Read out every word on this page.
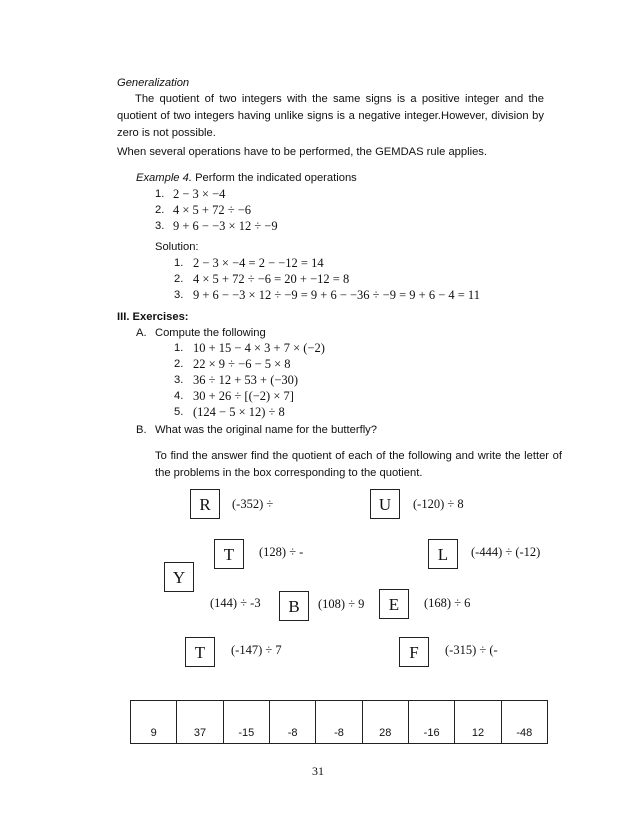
Generalization
The quotient of two integers with the same signs is a positive integer and the quotient of two integers having unlike signs is a negative integer.However, division by zero is not possible.
When several operations have to be performed, the GEMDAS rule applies.
Example 4. Perform the indicated operations
1. 2 − 3 × −4
2. 4 × 5 + 72 ÷ −6
3. 9 + 6 − −3 × 12 ÷ −9
Solution:
1. 2 − 3 × −4 = 2 − −12 = 14
2. 4 × 5 + 72 ÷ −6 = 20 + −12 = 8
3. 9 + 6 − −3 × 12 ÷ −9 = 9 + 6 − −36 ÷ −9 = 9 + 6 − 4 = 11
III. Exercises:
A. Compute the following
1. 10 + 15 − 4 × 3 + 7 × (−2)
2. 22 × 9 ÷ −6 − 5 × 8
3. 36 ÷ 12 + 53 + (−30)
4. 30 + 26 ÷ [(−2) × 7]
5. (124 − 5 × 12) ÷ 8
B. What was the original name for the butterfly?
To find the answer find the quotient of each of the following and write the letter of the problems in the box corresponding to the quotient.
R	(-352) ÷	U	(-120) ÷ 8
T	(128) ÷ -	L	(-444) ÷ (-12)
Y
(144) ÷ -3	B	(108) ÷ 9	E	(168) ÷ 6
T	(-147) ÷ 7	F	(-315) ÷ (-
9	37	-15	-8	-8	28	-16	12	-48
31
